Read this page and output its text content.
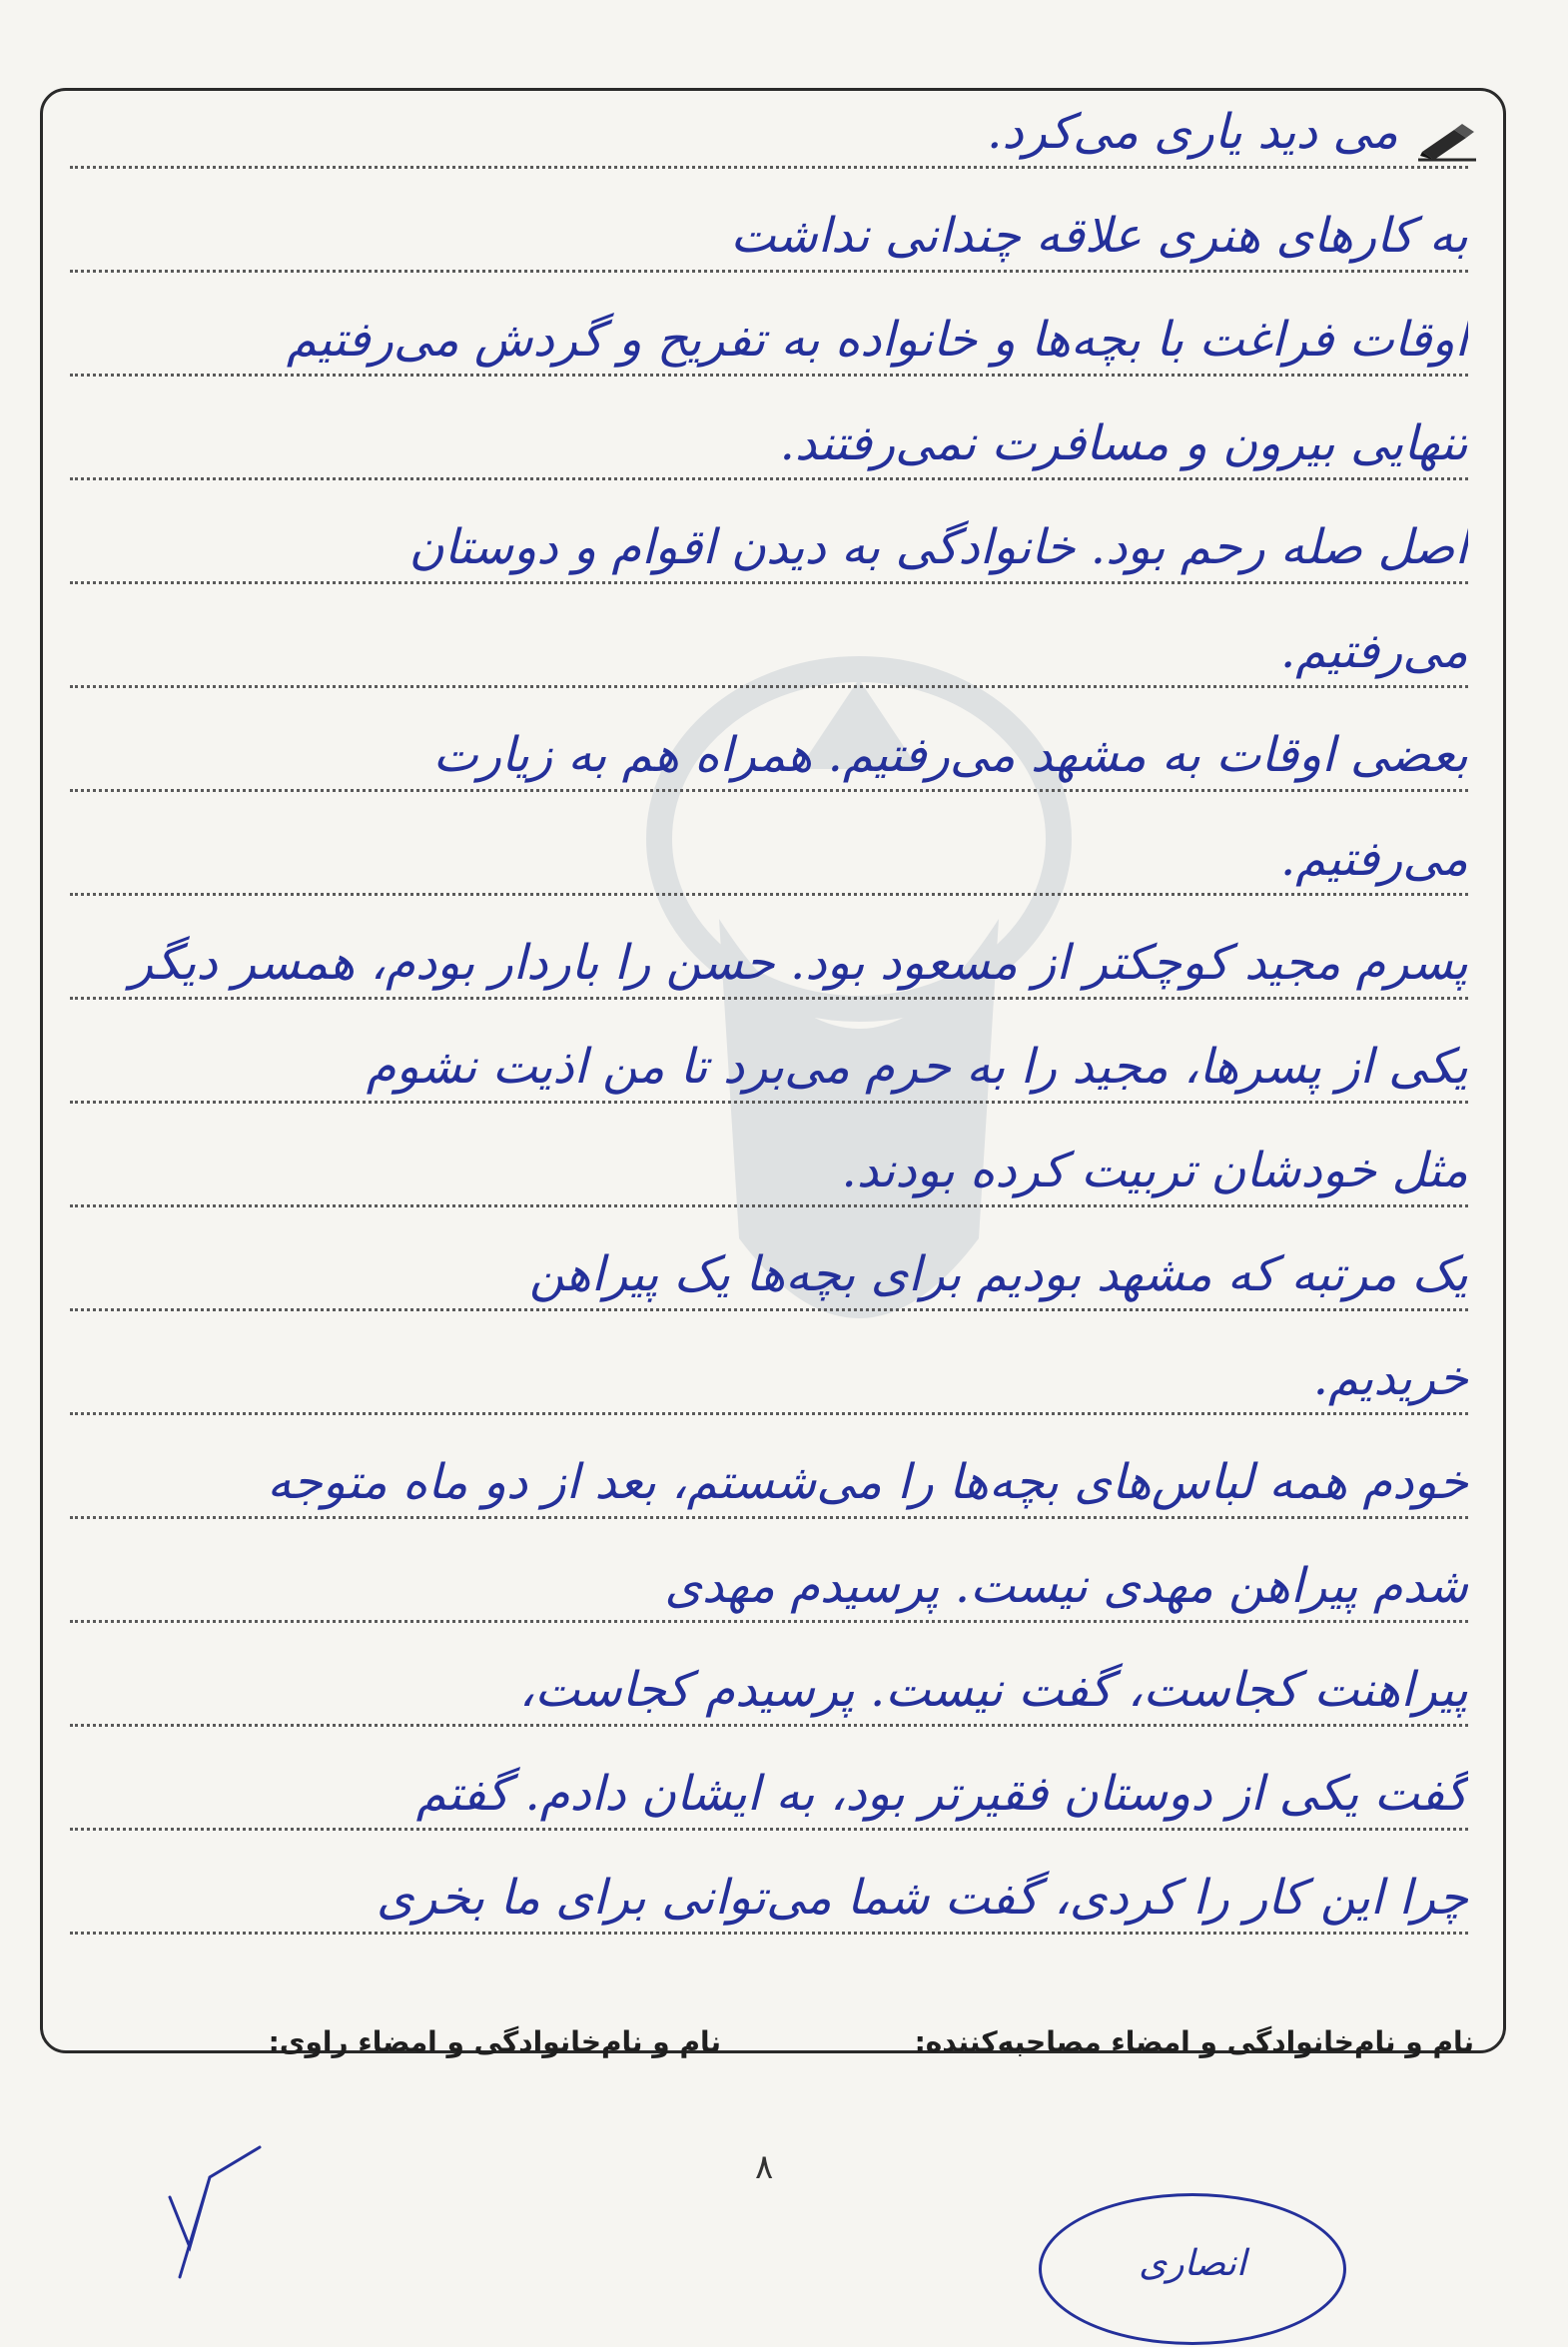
می دید یاری می‌کرد.
به کارهای هنری علاقه چندانی نداشت
اوقات فراغت با بچه‌ها و خانواده به تفریح و گردش می‌رفتیم
تنهایی بیرون و مسافرت نمی‌رفتند.
اصل صله رحم بود. خانوادگی به دیدن اقوام و دوستان
می‌رفتیم.
بعضی اوقات به مشهد می‌رفتیم. همراه هم به زیارت
می‌رفتیم.
پسرم مجید کوچکتر از مسعود بود. حسن را باردار بودم، همسر دیگر
یکی از پسرها، مجید را به حرم می‌برد تا من اذیت نشوم
مثل خودشان تربیت کرده بودند.
یک مرتبه که مشهد بودیم برای بچه‌ها یک پیراهن
خریدیم.
خودم همه لباس‌های بچه‌ها را می‌شستم، بعد از دو ماه متوجه
شدم پیراهن مهدی نیست. پرسیدم مهدی
پیراهنت کجاست، گفت نیست. پرسیدم کجاست،
گفت یکی از دوستان فقیرتر بود، به ایشان دادم. گفتم
چرا این کار را کردی، گفت شما می‌توانی برای ما بخری
نام و نام‌خانوادگی و امضاء مصاحبه‌کننده:
نام و نام‌خانوادگی و امضاء راوی:
۸
انصاری
